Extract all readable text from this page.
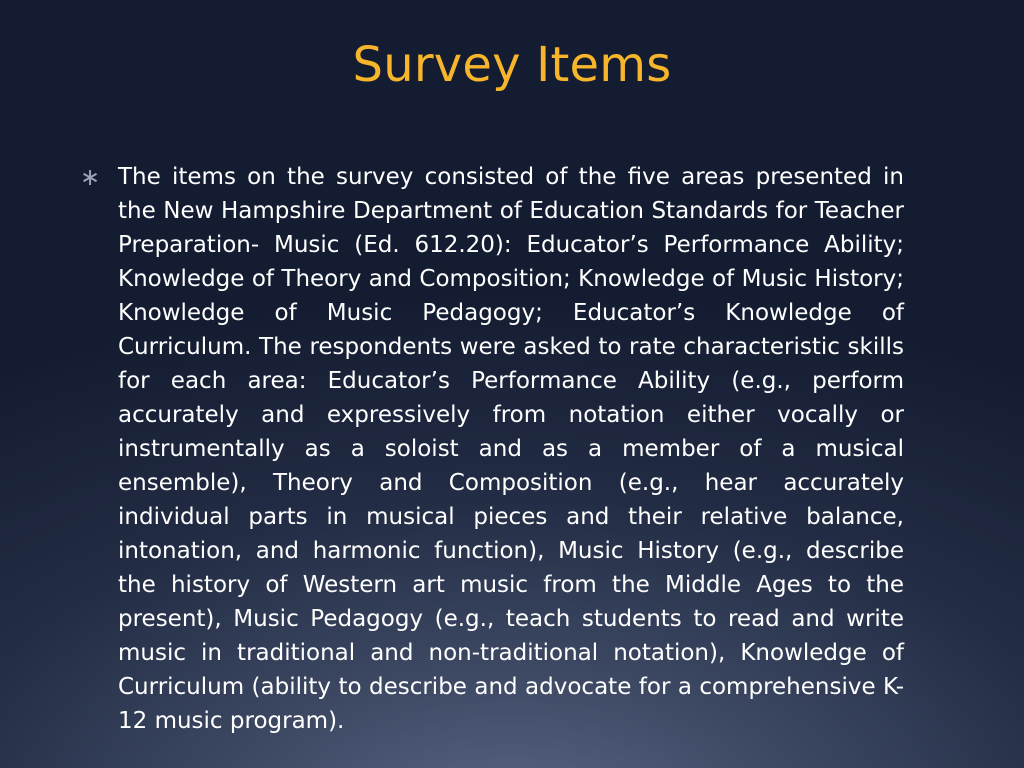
Survey Items
∗ The items on the survey consisted of the five areas presented in the New Hampshire Department of Education Standards for Teacher Preparation- Music (Ed. 612.20): Educator’s Performance Ability; Knowledge of Theory and Composition; Knowledge of Music History; Knowledge of Music Pedagogy; Educator’s Knowledge of Curriculum. The respondents were asked to rate characteristic skills for each area: Educator’s Performance Ability (e.g., perform accurately and expressively from notation either vocally or instrumentally as a soloist and as a member of a musical ensemble), Theory and Composition (e.g., hear accurately individual parts in musical pieces and their relative balance, intonation, and harmonic function), Music History (e.g., describe the history of Western art music from the Middle Ages to the present), Music Pedagogy (e.g., teach students to read and write music in traditional and non-traditional notation), Knowledge of Curriculum (ability to describe and advocate for a comprehensive K-12 music program).
